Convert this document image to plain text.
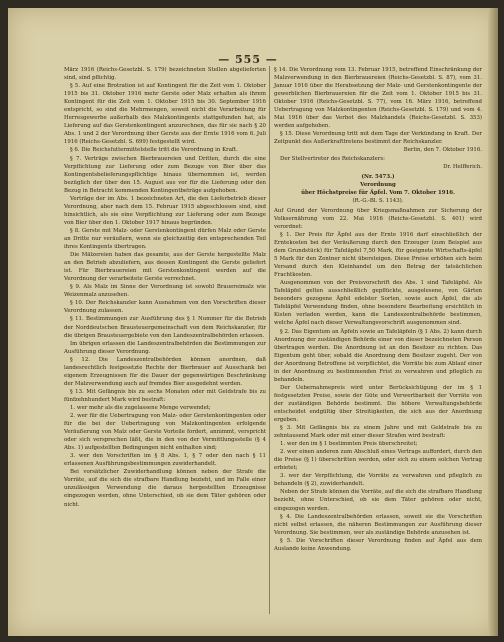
— 555 —

März 1916 (Reichs-Gesetzbl. S. 179) bezeichneten Stellen abgelieferten sind, sind pflichtig.

§ 5. Auf eine Brotration ist auf Kontingent für die Zeit vom 1. Oktober 1915 bis 31. Oktober 1916 mehr Gerste oder Malz erhalten als ihrem Kontingent für die Zeit vom 1. Oktober 1915 bis 30. September 1916 entspricht, so sind die Mehrmengen, soweit nicht die Verarbeitung für Herresgewerbe außerhalb des Malzkontingents stattgefunden hat, als Lieferung auf das Gerstenkontingent anzurechnen, das für sie nach § 20 Abs. 1 und 2 der Verordnung über Gerste aus der Ernte 1916 vom 6. Juli 1916 (Reichs-Gesetzbl. S. 699) festgestellt wird.

§ 6. Die Reichsfuttermittelstelle tritt die Verordnung in Kraft.

§ 7. Verträge zwischen Bierbrauereien und Dritten, durch die eine Verpflichtung zur Lieferung oder zum Bezuge von Bier über das Kontingentsbelieferungspflichtige hinaus übernommen ist, werden bezüglich der über den 15. August aus vor für die Lieferung oder den Bezug in Betracht kommenden Kontingentbeträge aufgehoben.

Verträge der im Abs. 1 bezeichneten Art, die den Lieferbetrieb dieser Verordnung, aber nach dem 15. Februar 1915 abgeschlossen sind, sind hinsichtlich, als sie eine Verpflichtung zur Lieferung oder zum Bezuge von Bier über den 1. Oktober 1917 hinaus begründen.

§ 8. Gerste mit Malz- oder Gerstenkontingent dürfen Malz oder Gerste an Dritte nur veräußern, wenn sie gleichzeitig den entsprechenden Teil ihres Kontingents übertragen.

Die Mälzereien haben das gesamte, aus der Gerste hergestellte Malz an den Betrieb abzuliefern, aus dessen Kontingent die Gerste geliefert ist. Für Bierbrauereien mit Gerstenkontingent werden auf die Verordnung der verarbeitete Gerste verrechnet.

§ 9. Als Malz im Sinne der Verordnung ist sowohl Brauereimalz wie Weizenmalz anzusehen.

§ 10. Der Reichskanzler kann Ausnahmen von den Vorschriften dieser Verordnung zulassen.

§ 11. Bestimmungen zur Ausführung des § 1 Nummer für die Betrieb der Norddeutschen Brausteuergemeinschaft von dem Reichskanzler, für die übrigen Brausteuergebiete von den Landeszentralbehörden erlassen.

Im übrigen erlassen die Landeszentralbehörden die Bestimmungen zur Ausführung dieser Verordnung.

§ 12. Die Landeszentralbehörden können anordnen, daß landesrechtlich festgesetzte Rechte der Bierbrauer auf Ausschank bei eigenem Erzeugnissen für die Dauer der gegenwärtigen Beschränkung der Malzverwendung auch auf fremdes Bier ausgedehnt werden.

§ 13. Mit Gefängnis bis zu sechs Monaten oder mit Geldstrafe bis zu fünfzehnhundert Mark wird bestraft:

1. wer mehr als die zugelassene Menge verwendet;

2. wer für die Uebertragung von Malz- oder Gerstenkontingenten oder für die bei der Uebertragung von Malzkontingenten erfolgende Veräußerung von Malz oder Gerste Vorteile fordert, annimmt, verspricht oder sich versprechen läßt, die in den von der Vermittlungsstelle (§ 4 Abs. 1) aufgestellten Bedingungen nicht enthalten sind;

3. wer den Vorschriften im § 8 Abs. 1, § 7 oder den nach § 11 erlassenen Ausführungsbestimmungen zuwiderhandelt.

Bei vorsätzlicher Zuwiderhandlung können neben der Strafe die Vorräte, auf die sich die strafbare Handlung bezieht, und im Falle einer unzulässigen Verwendung die daraus hergestellten Erzeugnisse eingezogen werden, ohne Unterschied, ob sie dem Täter gehören oder nicht.

§ 14. Die Verordnung vom 13. Februar 1915, betreffend Einschränkung der Malzverwendung in den Bierbrauereien (Reichs-Gesetzbl. S. 87), vom 31. Januar 1916 über die Herabsetzung der Malz- und Gerstenkontingente der gewerblichen Bierbrauereien für die Zeit vom 1. Oktober 1915 bis 31. Oktober 1916 (Reichs-Gesetzbl. S. 77), vom 16. März 1916, betreffend Uebertragung von Malzkontingenten (Reichs-Gesetzbl. S. 179) und vom 4. Mai 1916 über das Verbot des Malzhandels (Reichs-Gesetzbl. S. 353) werden aufgehoben.

§ 15. Diese Verordnung tritt mit dem Tage der Verkündung in Kraft. Der Zeitpunkt des Außerkrafttretens bestimmt der Reichskanzler.

Berlin, den 7. Oktober 1916.

Der Stellvertreter des Reichskanzlers:

Dr. Helfferich.

(Nr. 5473.)
Verordnung
über Höchstpreise für Äpfel. Vom 7. Oktober 1916.
(R.-G.-Bl. S. 1143).

Auf Grund der Verordnung über Kriegsmaßnahmen zur Sicherung der Volksernährung vom 22. Mai 1916 (Reichs-Gesetzbl. S. 401) wird verordnet:

§ 1. Der Preis für Äpfel aus der Ernte 1916 darf einschließlich der Erntekosten bei der Veräußerung durch den Erzeuger (zum Beispiel aus dem Grundstück) für Tafeläpfel 7,50 Mark, für geeignete Wirtschafts-äpfel 5 Mark für den Zentner nicht übersteigen. Diese Preise erhöhen sich beim Versand durch den Kleinhandel um den Betrag der tatsächlichen Frachtkosten.

Ausgenommen von der Preisvorschrift des Abs. 1 sind Tafeläpfel. Als Tafeläpfel gelten ausschließlich gepflückte, ausgelesene, von Gärten besonders gezogene Äpfel edelster Sorten, sowie auch Äpfel, die als Tafeläpfel Verwendung finden, ohne besondere Bearbeitung ersichtlich in Kisten verladen werden, kann die Landeszentralbehörde bestimmen, welche Äpfel nach dieser Verwaltungsvorschrift ausgenommen sind.

§ 2. Das Eigentum an Äpfeln sowie an Tafeläpfeln (§ 1 Abs. 2) kann durch Anordnung der zuständigen Behörde einer von dieser bezeichneten Person übertragen werden. Die Anordnung ist an den Besitzer zu richten. Das Eigentum geht über, sobald die Anordnung dem Besitzer zugeht. Der von der Anordnung Betroffene ist verpflichtet, die Vorräte bis zum Ablauf einer in der Anordnung zu bestimmenden Frist zu verwahren und pfleglich zu behandeln.

Der Uebernahmepreis wird unter Berücksichtigung der im § 1 festgesetzten Preise, sowie der Güte und Verwertbarkeit der Vorräte von der zuständigen Behörde bestimmt. Die höhere Verwaltungsbehörde entscheidet endgültig über Streitigkeiten, die sich aus der Anordnung ergeben.

§ 3. Mit Gefängnis bis zu einem Jahre und mit Geldstrafe bis zu zehntausend Mark oder mit einer dieser Strafen wird bestraft:

1. wer den im § 1 bestimmten Preis überschreitet;

2. wer einen anderen zum Abschluß eines Vertrags auffordert, durch den die Preise (§ 1) überschritten werden, oder sich zu einem solchen Vertrag erbietet;

3. wer der Verpflichtung, die Vorräte zu verwahren und pfleglich zu behandeln (§ 2), zuwiderhandelt.

Neben der Strafe können die Vorräte, auf die sich die strafbare Handlung bezieht, ohne Unterschied, ob sie dem Täter gehören oder nicht, eingezogen werden.

§ 4. Die Landeszentralbehörden erlassen, soweit sie die Vorschriften nicht selbst erlassen, die näheren Bestimmungen zur Ausführung dieser Verordnung. Sie bestimmen, wer als zuständige Behörde anzusehen ist.

§ 5. Die Vorschriften dieser Verordnung finden auf Äpfel aus dem Auslande keine Anwendung.
